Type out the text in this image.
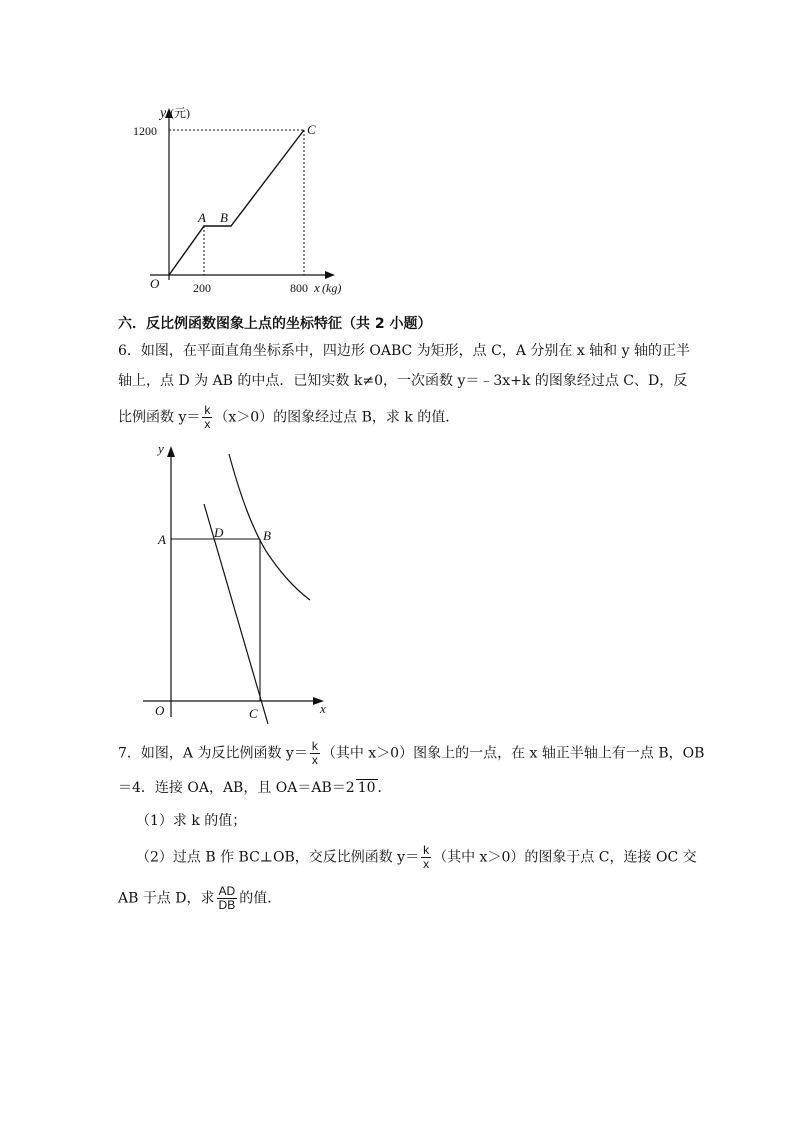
y (元)
1200
O	200	800 x (kg)
A B
C
六．反比例函数图象上点的坐标特征（共 2 小题）
6．如图，在平面直角坐标系中，四边形 OABC 为矩形，点 C，A 分别在 x 轴和 y 轴的正半
轴上，点 D 为 AB 的中点．已知实数 k≠0，一次函数 y＝﹣3x+k 的图象经过点 C、D，反
比例函数 $y= \frac{k}{x} (x>0)$的图象经过点 B，求 k 的值．
y
x
O
A	D	B
C
7．如图，A 为反比例函数 $y= \frac{k}{x}$ （其中 x＞0）图象上的一点，在 x 轴正半轴上有一点 B，OB
＝4．连接 OA，AB，且 OA＝AB＝2 10 ．
（1）求 k 的值；
（2）过点 B 作 BC⊥OB，交反比例函数 $y= \frac{k}{x}$ （其中 x＞0）的图象于点 C，连接 OC 交
AB 于点 D，求 $\frac{AD}{DB}$ 的值．
